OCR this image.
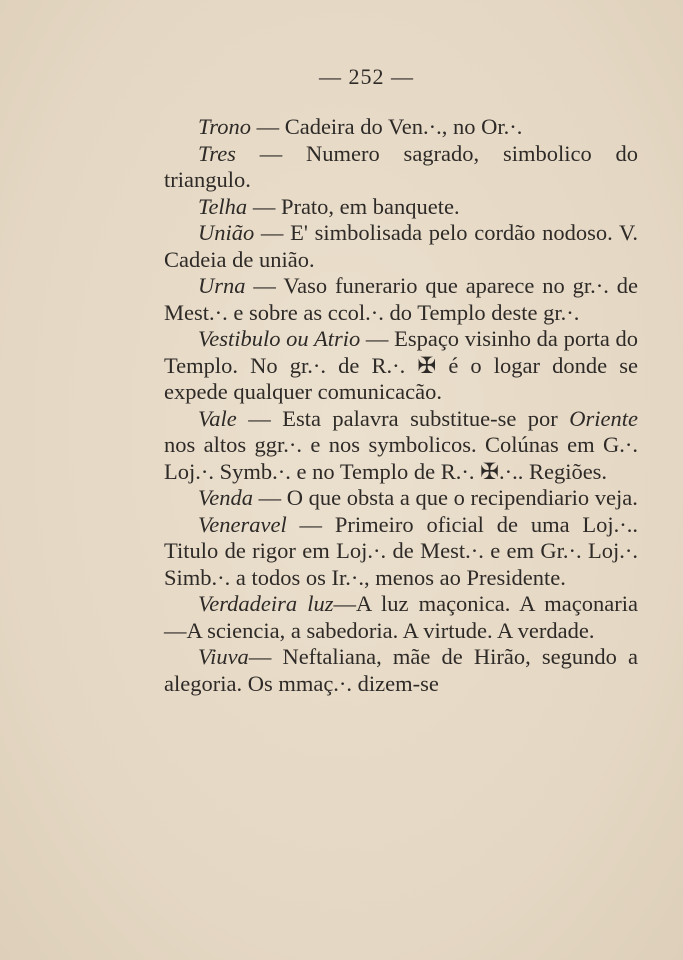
— 252 —

Trono — Cadeira do Ven.·., no Or.·.

Tres — Numero sagrado, simbolico do triangulo.

Telha — Prato, em banquete.

União — E' simbolisada pelo cordão nodoso. V. Cadeia de união.

Urna — Vaso funerario que aparece no gr.·. de Mest.·. e sobre as ccol.·. do Templo deste gr.·.

Vestibulo ou Atrio — Espaço visinho da porta do Templo. No gr.·. de R.·. ✠ é o logar donde se expede qualquer comunicacão.

Vale — Esta palavra substitue-se por Oriente nos altos ggr.·. e nos symbolicos. Colúnas em G.·. Loj.·. Symb.·. e no Templo de R.·. ✠.·.. Regiões.

Venda — O que obsta a que o recipendiario veja.

Veneravel — Primeiro oficial de uma Loj.·.. Titulo de rigor em Loj.·. de Mest.·. e em Gr.·. Loj.·. Simb.·. a todos os Ir.·., menos ao Presidente.

Verdadeira luz—A luz maçonica. A maçonaria—A sciencia, a sabedoria. A virtude. A verdade.

Viuva— Neftaliana, mãe de Hirão, segundo a alegoria. Os mmaç.·. dizem-se
